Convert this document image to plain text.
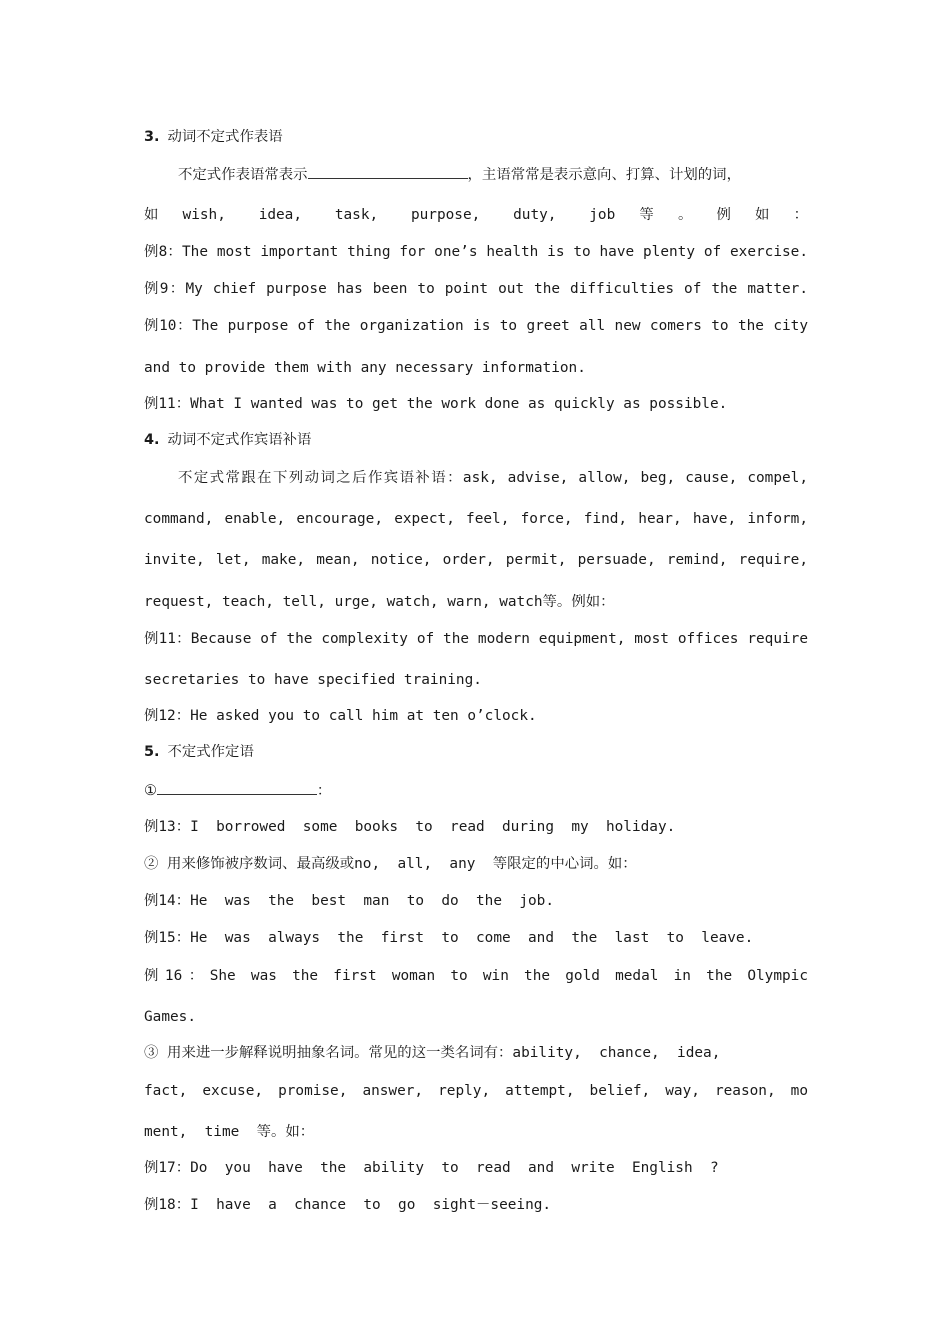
3. 动词不定式作表语
不定式作表语常表示	，主语常常是表示意向、打算、计划的词，
如wish, idea, task, purpose, duty, job等。例如：
例8：The most important thing for one’s health is to have plenty of exercise.
例9：My chief purpose has been to point out the difficulties of the matter.
例10：The purpose of the organization is to greet all new comers to the city
and to provide them with any necessary information.
例11：What I wanted was to get the work done as quickly as possible.
4. 动词不定式作宾语补语
不定式常跟在下列动词之后作宾语补语：ask, advise, allow, beg, cause, compel,
command, enable, encourage, expect, feel, force, find, hear, have, inform,
invite, let, make, mean, notice, order, permit, persuade, remind, require,
request, teach, tell, urge, watch, warn, watch等。例如：
例11：Because of the complexity of the modern equipment, most offices require
secretaries to have specified training.
例12：He asked you to call him at ten o’clock.
5. 不定式作定语
①	：
例13：I  borrowed  some  books  to  read  during  my  holiday.
② 用来修饰被序数词、最高级或no,  all,  any  等限定的中心词。如：
例14：He  was  the  best  man  to  do  the  job.
例15：He  was  always  the  first  to  come  and  the  last  to  leave.
例16：She was the first woman to win the gold medal in the Olympic
Games.
③ 用来进一步解释说明抽象名词。常见的这一类名词有：ability,  chance,  idea,
fact, excuse, promise, answer, reply, attempt, belief, way, reason, mo
ment,  time  等。如：
例17：Do  you  have  the  ability  to  read  and  write  English  ?
例18：I  have  a  chance  to  go  sight－seeing.
